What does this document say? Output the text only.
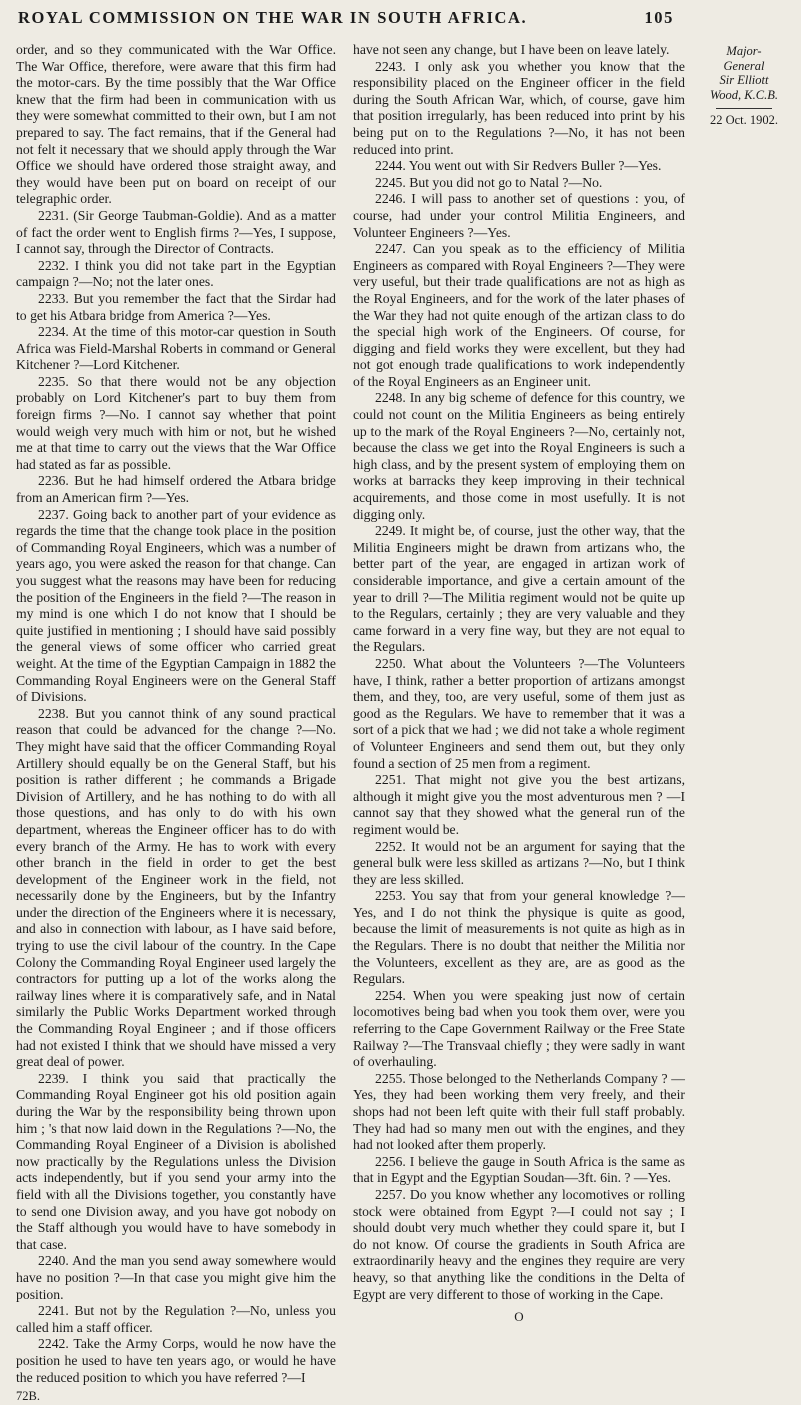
ROYAL COMMISSION ON THE WAR IN SOUTH AFRICA.	105

order, and so they communicated with the War Office. The War Office, therefore, were aware that this firm had the motor-cars. By the time possibly that the War Office knew that the firm had been in communication with us they were somewhat committed to their own, but I am not prepared to say. The fact remains, that if the General had not felt it necessary that we should apply through the War Office we should have ordered those straight away, and they would have been put on board on receipt of our telegraphic order.

2231. (Sir George Taubman-Goldie). And as a matter of fact the order went to English firms ?—Yes, I suppose, I cannot say, through the Director of Contracts.

2232. I think you did not take part in the Egyptian campaign ?—No; not the later ones.

2233. But you remember the fact that the Sirdar had to get his Atbara bridge from America ?—Yes.

2234. At the time of this motor-car question in South Africa was Field-Marshal Roberts in command or General Kitchener ?—Lord Kitchener.

2235. So that there would not be any objection probably on Lord Kitchener's part to buy them from foreign firms ?—No. I cannot say whether that point would weigh very much with him or not, but he wished me at that time to carry out the views that the War Office had stated as far as possible.

2236. But he had himself ordered the Atbara bridge from an American firm ?—Yes.

2237. Going back to another part of your evidence as regards the time that the change took place in the position of Commanding Royal Engineers, which was a number of years ago, you were asked the reason for that change. Can you suggest what the reasons may have been for reducing the position of the Engineers in the field ?—The reason in my mind is one which I do not know that I should be quite justified in mentioning ; I should have said possibly the general views of some officer who carried great weight. At the time of the Egyptian Campaign in 1882 the Commanding Royal Engineers were on the General Staff of Divisions.

2238. But you cannot think of any sound practical reason that could be advanced for the change ?—No. They might have said that the officer Commanding Royal Artillery should equally be on the General Staff, but his position is rather different ; he commands a Brigade Division of Artillery, and he has nothing to do with all those questions, and has only to do with his own department, whereas the Engineer officer has to do with every branch of the Army. He has to work with every other branch in the field in order to get the best development of the Engineer work in the field, not necessarily done by the Engineers, but by the Infantry under the direction of the Engineers where it is necessary, and also in connection with labour, as I have said before, trying to use the civil labour of the country. In the Cape Colony the Commanding Royal Engineer used largely the contractors for putting up a lot of the works along the railway lines where it is comparatively safe, and in Natal similarly the Public Works Department worked through the Commanding Royal Engineer ; and if those officers had not existed I think that we should have missed a very great deal of power.

2239. I think you said that practically the Commanding Royal Engineer got his old position again during the War by the responsibility being thrown upon him ; 's that now laid down in the Regulations ?—No, the Commanding Royal Engineer of a Division is abolished now practically by the Regulations unless the Division acts independently, but if you send your army into the field with all the Divisions together, you constantly have to send one Division away, and you have got nobody on the Staff although you would have to have somebody in that case.

2240. And the man you send away somewhere would have no position ?—In that case you might give him the position.

2241. But not by the Regulation ?—No, unless you called him a staff officer.

2242. Take the Army Corps, would he now have the position he used to have ten years ago, or would he have the reduced position to which you have referred ?—I

72B.

have not seen any change, but I have been on leave lately.

2243. I only ask you whether you know that the responsibility placed on the Engineer officer in the field during the South African War, which, of course, gave him that position irregularly, has been reduced into print by his being put on to the Regulations ?—No, it has not been reduced into print.

2244. You went out with Sir Redvers Buller ?—Yes.

2245. But you did not go to Natal ?—No.

2246. I will pass to another set of questions : you, of course, had under your control Militia Engineers, and Volunteer Engineers ?—Yes.

2247. Can you speak as to the efficiency of Militia Engineers as compared with Royal Engineers ?—They were very useful, but their trade qualifications are not as high as the Royal Engineers, and for the work of the later phases of the War they had not quite enough of the artizan class to do the special high work of the Engineers. Of course, for digging and field works they were excellent, but they had not got enough trade qualifications to work independently of the Royal Engineers as an Engineer unit.

2248. In any big scheme of defence for this country, we could not count on the Militia Engineers as being entirely up to the mark of the Royal Engineers ?—No, certainly not, because the class we get into the Royal Engineers is such a high class, and by the present system of employing them on works at barracks they keep improving in their technical acquirements, and those come in most usefully. It is not digging only.

2249. It might be, of course, just the other way, that the Militia Engineers might be drawn from artizans who, the better part of the year, are engaged in artizan work of considerable importance, and give a certain amount of the year to drill ?—The Militia regiment would not be quite up to the Regulars, certainly ; they are very valuable and they came forward in a very fine way, but they are not equal to the Regulars.

2250. What about the Volunteers ?—The Volunteers have, I think, rather a better proportion of artizans amongst them, and they, too, are very useful, some of them just as good as the Regulars. We have to remember that it was a sort of a pick that we had ; we did not take a whole regiment of Volunteer Engineers and send them out, but they only found a section of 25 men from a regiment.

2251. That might not give you the best artizans, although it might give you the most adventurous men ? —I cannot say that they showed what the general run of the regiment would be.

2252. It would not be an argument for saying that the general bulk were less skilled as artizans ?—No, but I think they are less skilled.

2253. You say that from your general knowledge ?—Yes, and I do not think the physique is quite as good, because the limit of measurements is not quite as high as in the Regulars. There is no doubt that neither the Militia nor the Volunteers, excellent as they are, are as good as the Regulars.

2254. When you were speaking just now of certain locomotives being bad when you took them over, were you referring to the Cape Government Railway or the Free State Railway ?—The Transvaal chiefly ; they were sadly in want of overhauling.

2255. Those belonged to the Netherlands Company ? —Yes, they had been working them very freely, and their shops had not been left quite with their full staff probably. They had had so many men out with the engines, and they had not looked after them properly.

2256. I believe the gauge in South Africa is the same as that in Egypt and the Egyptian Soudan—3ft. 6in. ? —Yes.

2257. Do you know whether any locomotives or rolling stock were obtained from Egypt ?—I could not say ; I should doubt very much whether they could spare it, but I do not know. Of course the gradients in South Africa are extraordinarily heavy and the engines they require are very heavy, so that anything like the conditions in the Delta of Egypt are very different to those of working in the Cape.

O

Major-
General
Sir Elliott
Wood, K.C.B.
22 Oct. 1902.
